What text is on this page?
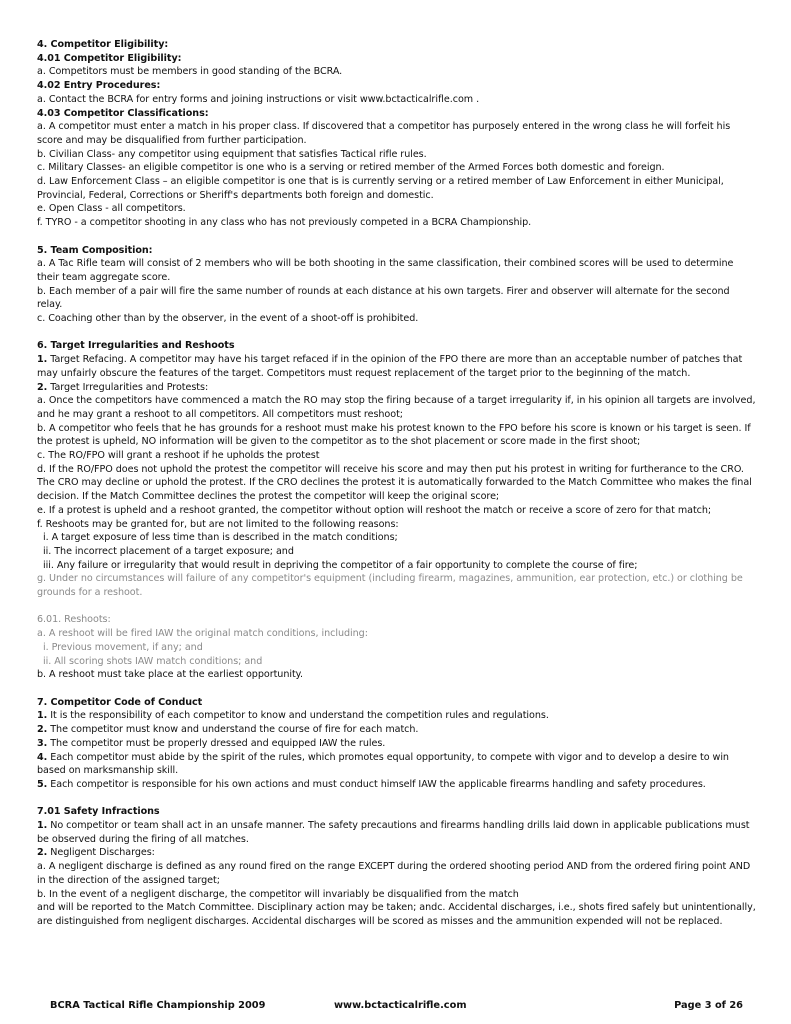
4. Competitor Eligibility:

4.01 Competitor Eligibility:

a. Competitors must be members in good standing of the BCRA.

4.02 Entry Procedures:

a. Contact the BCRA for entry forms and joining instructions or visit www.bctacticalrifle.com .

4.03 Competitor Classifications:

a. A competitor must enter a match in his proper class. If discovered that a competitor has purposely entered in the wrong class he will forfeit his score and may be disqualified from further participation.

b. Civilian Class- any competitor using equipment that satisfies Tactical rifle rules.

c. Military Classes- an eligible competitor is one who is a serving or retired member of the Armed Forces both domestic and foreign.

d. Law Enforcement Class – an eligible competitor is one that is is currently serving or a retired member of Law Enforcement in either Municipal, Provincial, Federal, Corrections or Sheriff's departments both foreign and domestic.

e. Open Class - all competitors.

f. TYRO - a competitor shooting in any class who has not previously competed in a BCRA Championship.

5. Team Composition:

a. A Tac Rifle team will consist of 2 members who will be both shooting in the same classification, their combined scores will be used to determine their team aggregate score.

b. Each member of a pair will fire the same number of rounds at each distance at his own targets. Firer and observer will alternate for the second relay.

c. Coaching other than by the observer, in the event of a shoot-off is prohibited.

6. Target Irregularities and Reshoots

1. Target Refacing. A competitor may have his target refaced if in the opinion of the FPO there are more than an acceptable number of patches that may unfairly obscure the features of the target. Competitors must request replacement of the target prior to the beginning of the match.

2. Target Irregularities and Protests:

a. Once the competitors have commenced a match the RO may stop the firing because of a target irregularity if, in his opinion all targets are involved, and he may grant a reshoot to all competitors. All competitors must reshoot;

b. A competitor who feels that he has grounds for a reshoot must make his protest known to the FPO before his score is known or his target is seen. If the protest is upheld, NO information will be given to the competitor as to the shot placement or score made in the first shoot;

c. The RO/FPO will grant a reshoot if he upholds the protest

d. If the RO/FPO does not uphold the protest the competitor will receive his score and may then put his protest in writing for furtherance to the CRO. The CRO may decline or uphold the protest. If the CRO declines the protest it is automatically forwarded to the Match Committee who makes the final decision. If the Match Committee declines the protest the competitor will keep the original score;

e. If a protest is upheld and a reshoot granted, the competitor without option will reshoot the match or receive a score of zero for that match;

f. Reshoots may be granted for, but are not limited to the following reasons:

i. A target exposure of less time than is described in the match conditions;

ii. The incorrect placement of a target exposure; and

iii. Any failure or irregularity that would result in depriving the competitor of a fair opportunity to complete the course of fire;

g. Under no circumstances will failure of any competitor's equipment (including firearm, magazines, ammunition, ear protection, etc.) or clothing be grounds for a reshoot.

6.01. Reshoots:

a. A reshoot will be fired IAW the original match conditions, including:

i. Previous movement, if any; and

ii. All scoring shots IAW match conditions; and

b. A reshoot must take place at the earliest opportunity.

7. Competitor Code of Conduct

1. It is the responsibility of each competitor to know and understand the competition rules and regulations.

2. The competitor must know and understand the course of fire for each match.

3. The competitor must be properly dressed and equipped IAW the rules.

4. Each competitor must abide by the spirit of the rules, which promotes equal opportunity, to compete with vigor and to develop a desire to win based on marksmanship skill.

5. Each competitor is responsible for his own actions and must conduct himself IAW the applicable firearms handling and safety procedures.

7.01 Safety Infractions

1. No competitor or team shall act in an unsafe manner. The safety precautions and firearms handling drills laid down in applicable publications must be observed during the firing of all matches.

2. Negligent Discharges:

a. A negligent discharge is defined as any round fired on the range EXCEPT during the ordered shooting period AND from the ordered firing point AND in the direction of the assigned target;

b. In the event of a negligent discharge, the competitor will invariably be disqualified from the match

and will be reported to the Match Committee. Disciplinary action may be taken; andc. Accidental discharges, i.e., shots fired safely but unintentionally, are distinguished from negligent discharges. Accidental discharges will be scored as misses and the ammunition expended will not be replaced.

BCRA Tactical Rifle Championship 2009	www.bctacticalrifle.com	Page 3 of 26
